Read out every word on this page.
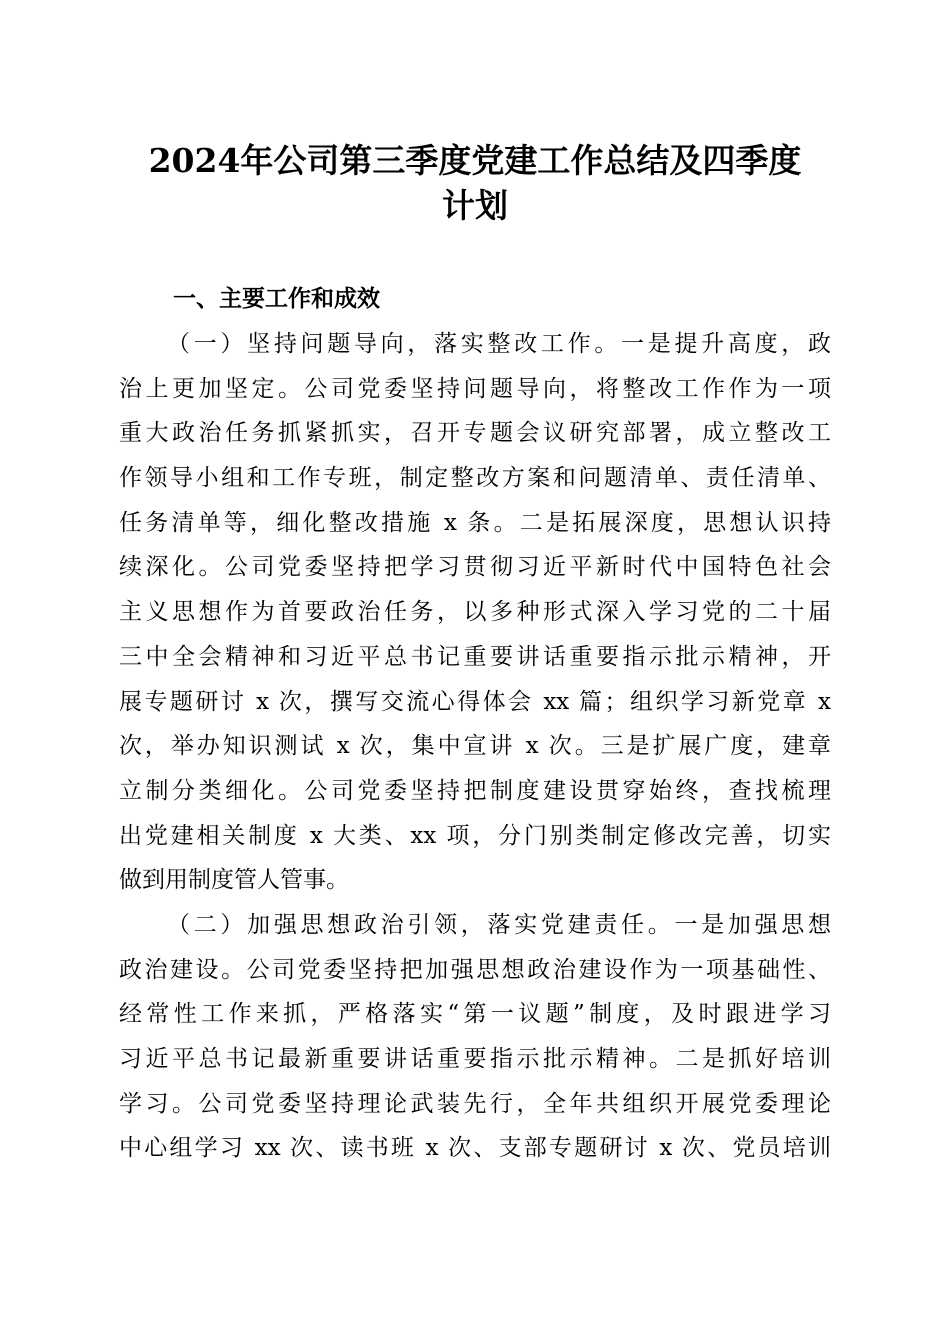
2024年公司第三季度党建工作总结及四季度
计划
一、主要工作和成效
（一）坚持问题导向，落实整改工作。一是提升高度，政
治上更加坚定。公司党委坚持问题导向，将整改工作作为一项
重大政治任务抓紧抓实，召开专题会议研究部署，成立整改工
作领导小组和工作专班，制定整改方案和问题清单、责任清单、
任务清单等，细化整改措施 x 条。二是拓展深度，思想认识持
续深化。公司党委坚持把学习贯彻习近平新时代中国特色社会
主义思想作为首要政治任务，以多种形式深入学习党的二十届
三中全会精神和习近平总书记重要讲话重要指示批示精神，开
展专题研讨 x 次，撰写交流心得体会 xx 篇；组织学习新党章 x
次，举办知识测试 x 次，集中宣讲 x 次。三是扩展广度，建章
立制分类细化。公司党委坚持把制度建设贯穿始终，查找梳理
出党建相关制度 x 大类、xx 项，分门别类制定修改完善，切实
做到用制度管人管事。
（二）加强思想政治引领，落实党建责任。一是加强思想
政治建设。公司党委坚持把加强思想政治建设作为一项基础性、
经常性工作来抓，严格落实“第一议题”制度，及时跟进学习
习近平总书记最新重要讲话重要指示批示精神。二是抓好培训
学习。公司党委坚持理论武装先行，全年共组织开展党委理论
中心组学习 xx 次、读书班 x 次、支部专题研讨 x 次、党员培训
